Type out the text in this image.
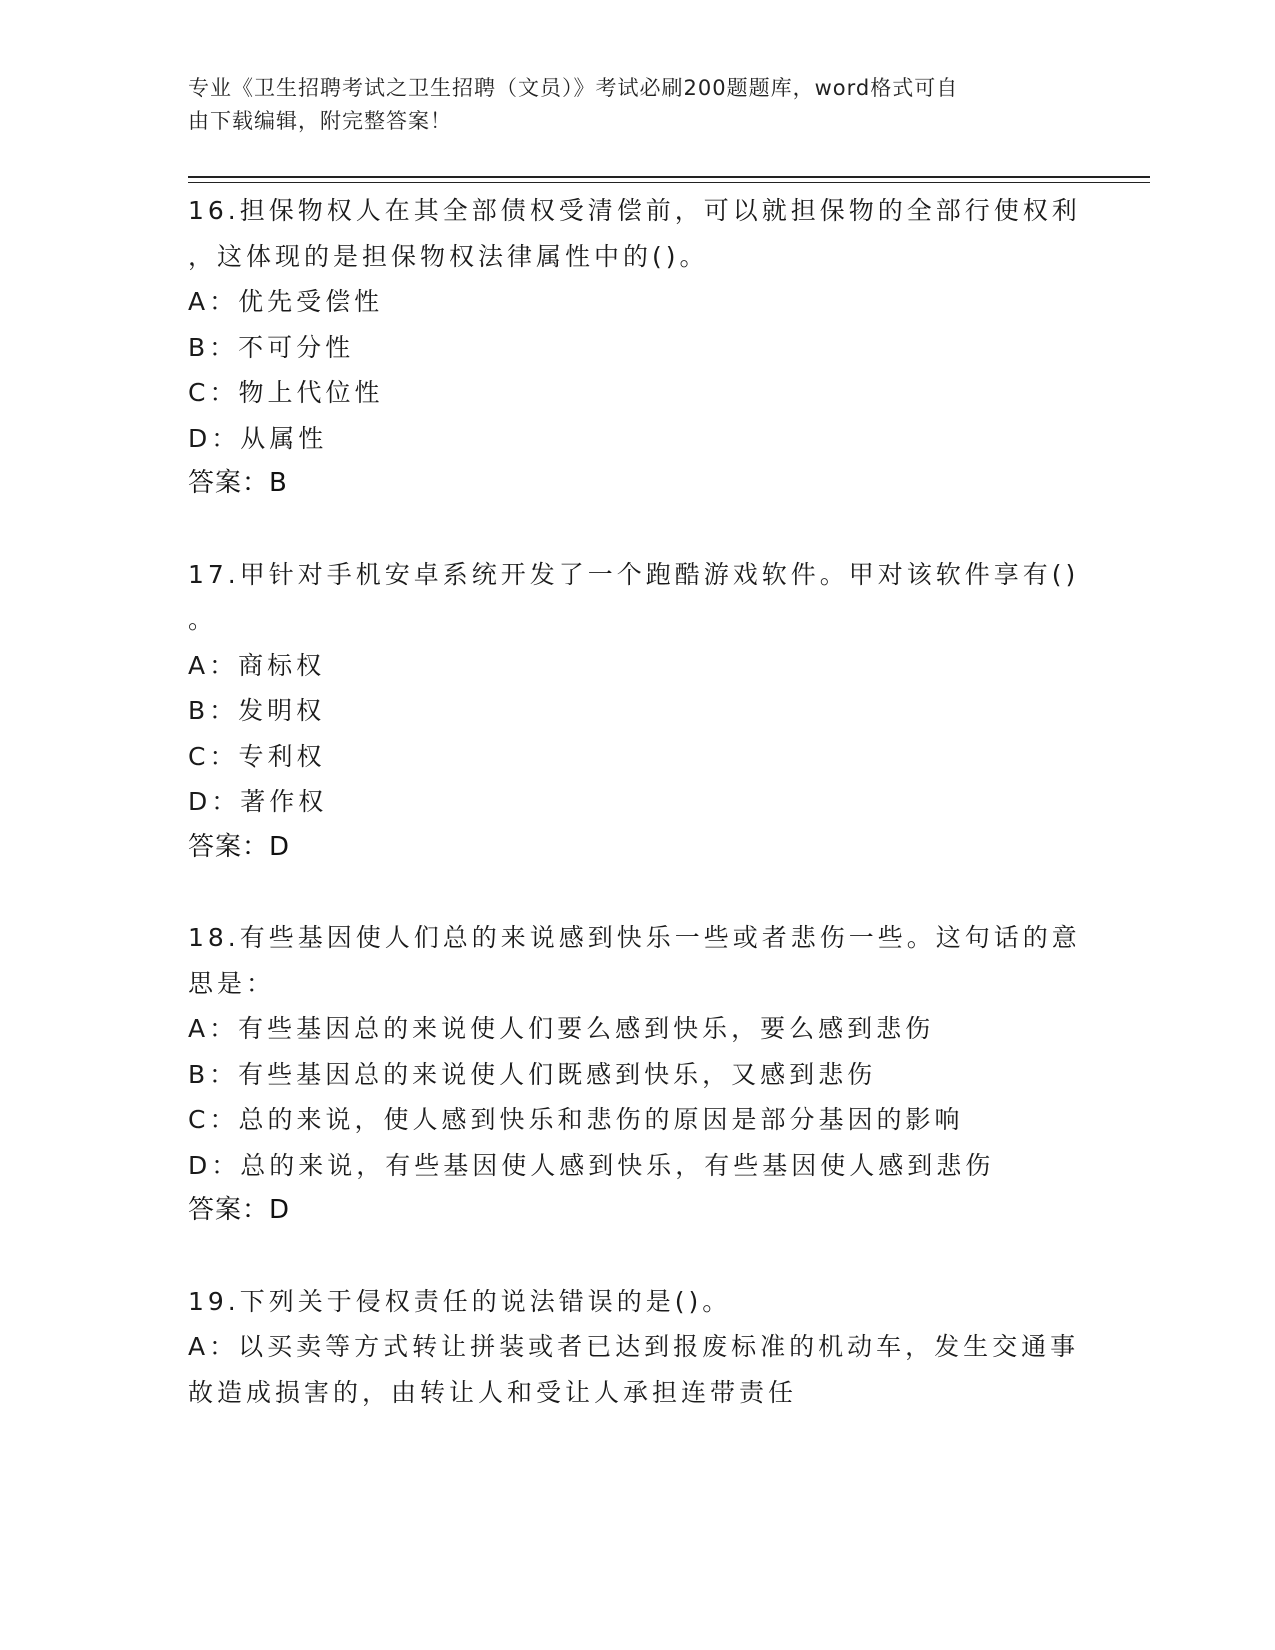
专业《卫生招聘考试之卫生招聘（文员）》考试必刷200题题库，word格式可自
由下载编辑，附完整答案！
16.担保物权人在其全部债权受清偿前，可以就担保物的全部行使权利
，这体现的是担保物权法律属性中的()。
A：优先受偿性
B：不可分性
C：物上代位性
D：从属性
答案：B
17.甲针对手机安卓系统开发了一个跑酷游戏软件。甲对该软件享有()
。
A：商标权
B：发明权
C：专利权
D：著作权
答案：D
18.有些基因使人们总的来说感到快乐一些或者悲伤一些。这句话的意
思是：
A：有些基因总的来说使人们要么感到快乐，要么感到悲伤
B：有些基因总的来说使人们既感到快乐，又感到悲伤
C：总的来说，使人感到快乐和悲伤的原因是部分基因的影响
D：总的来说，有些基因使人感到快乐，有些基因使人感到悲伤
答案：D
19.下列关于侵权责任的说法错误的是()。
A：以买卖等方式转让拼装或者已达到报废标准的机动车，发生交通事
故造成损害的，由转让人和受让人承担连带责任
